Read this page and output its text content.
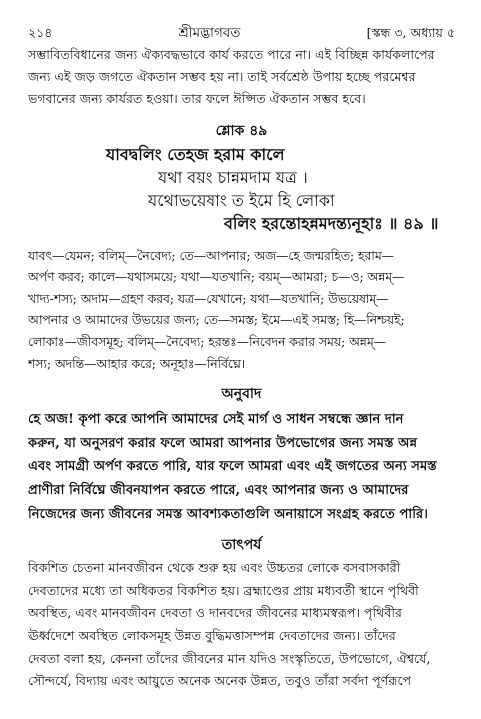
২১৪	শ্রীমদ্ভাগবত	[স্কন্ধ ৩, অধ্যায় ৫

সম্ভাবিতবিধানের জন্য ঐক্যবদ্ধভাবে কার্য করতে পারে না। এই বিচ্ছিন্ন কার্যকলাপের
জন্য এই জড় জগতে ঐকতান সম্ভব হয় না। তাই সর্বশ্রেষ্ঠ উপায় হচ্ছে পরমেশ্বর
ভগবানের জন্য কার্যরত হওয়া। তার ফলে ঈপ্সিত ঐকতান সম্ভব হবে।

শ্লোক ৪৯
যাবদ্বলিং তেহজ হরাম কালে
যথা বয়ং চান্নমদাম যত্র ।
যথোভয়েষাং ত ইমে হি লোকা
বলিং হরন্তোহন্নমদন্ত্যনূহাঃ ॥ ৪৯ ॥
যাবৎ—যেমন; বলিম্—নৈবেদ্য; তে—আপনার; অজ—হে জন্মরহিত; হরাম—
অর্পণ করব; কালে—যথাসময়ে; যথা—যতখানি; বয়ম্—আমরা; চ—ও; অন্নম্—
খাদ্য-শস্য; অদাম—গ্রহণ করব; যত্র—যেখানে; যথা—যতখানি; উভয়েষাম্—
আপনার ও আমাদের উভয়ের জন্য; তে—সমস্ত; ইমে—এই সমস্ত; হি—নিশ্চয়ই;
লোকাঃ—জীবসমূহ; বলিম্—নৈবেদ্য; হরন্তঃ—নিবেদন করার সময়; অন্নম্—
শস্য; অদন্তি—আহার করে; অনূহাঃ—নির্বিঘ্নে।
অনুবাদ
হে অজ! কৃপা করে আপনি আমাদের সেই মার্গ ও সাধন সম্বন্ধে জ্ঞান দান
করুন, যা অনুসরণ করার ফলে আমরা আপনার উপভোগের জন্য সমস্ত অন্ন
এবং সামগ্রী অর্পণ করতে পারি, যার ফলে আমরা এবং এই জগতের অন্য সমস্ত
প্রাণীরা নির্বিঘ্নে জীবনযাপন করতে পারে, এবং আপনার জন্য ও আমাদের
নিজেদের জন্য জীবনের সমস্ত আবশ্যকতাগুলি অনায়াসে সংগ্রহ করতে পারি।
তাৎপর্য
বিকশিত চেতনা মানবজীবন থেকে শুরু হয় এবং উচ্চতর লোকে বসবাসকারী
দেবতাদের মধ্যে তা অধিকতর বিকশিত হয়। ব্রহ্মাণ্ডের প্রায় মধ্যবর্তী স্থানে পৃথিবী
অবস্থিত, এবং মানবজীবন দেবতা ও দানবদের জীবনের মাধ্যমস্বরূপ। পৃথিবীর
ঊর্ধ্বদেশে অবস্থিত লোকসমূহ উন্নত বুদ্ধিমত্তাসম্পন্ন দেবতাদের জন্য। তাঁদের
দেবতা বলা হয়, কেননা তাঁদের জীবনের মান যদিও সংস্কৃতিতে, উপভোগে, ঐশ্বর্যে,
সৌন্দর্যে, বিদ্যায় এবং আয়ুতে অনেক অনেক উন্নত, তবুও তাঁরা সর্বদা পূর্ণরূপে
